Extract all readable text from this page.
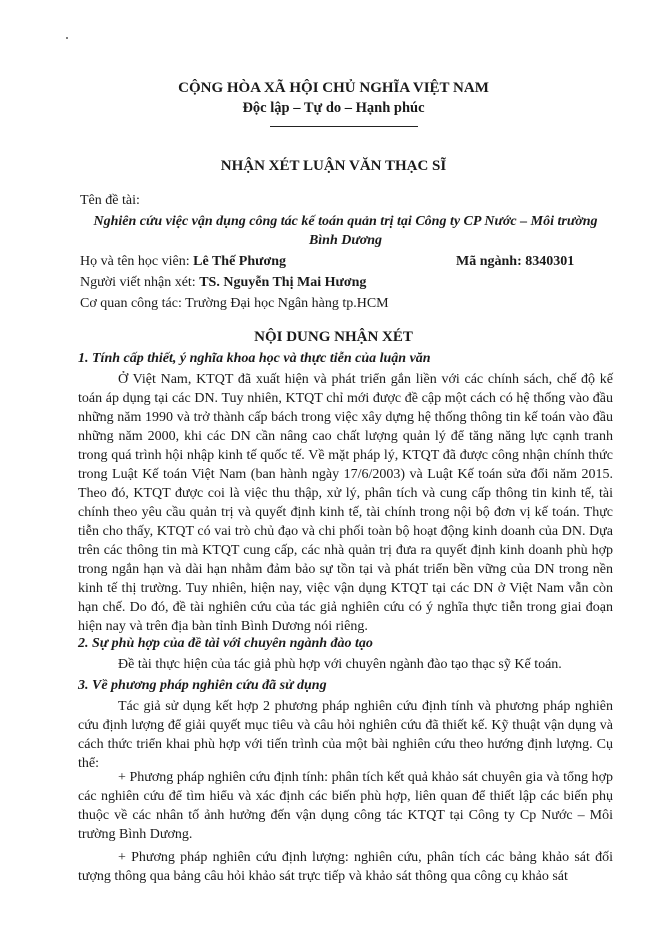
CỘNG HÒA XÃ HỘI CHỦ NGHĨA VIỆT NAM
Độc lập – Tự do – Hạnh phúc
NHẬN XÉT LUẬN VĂN THẠC SĨ
Tên đề tài:
Nghiên cứu việc vận dụng công tác kế toán quản trị tại Công ty CP Nước – Môi trường Bình Dương
Họ và tên học viên: Lê Thế Phương	Mã ngành: 8340301
Người viết nhận xét: TS. Nguyễn Thị Mai Hương
Cơ quan công tác: Trường Đại học Ngân hàng tp.HCM
NỘI DUNG NHẬN XÉT
1. Tính cấp thiết, ý nghĩa khoa học và thực tiễn của luận văn
Ở Việt Nam, KTQT đã xuất hiện và phát triển gắn liền với các chính sách, chế độ kế toán áp dụng tại các DN. Tuy nhiên, KTQT chỉ mới được đề cập một cách có hệ thống vào đầu những năm 1990 và trở thành cấp bách trong việc xây dựng hệ thống thông tin kế toán vào đầu những năm 2000, khi các DN cần nâng cao chất lượng quản lý để tăng năng lực cạnh tranh trong quá trình hội nhập kinh tế quốc tế. Về mặt pháp lý, KTQT đã được công nhận chính thức trong Luật Kế toán Việt Nam (ban hành ngày 17/6/2003) và Luật Kế toán sửa đổi năm 2015. Theo đó, KTQT được coi là việc thu thập, xử lý, phân tích và cung cấp thông tin kinh tế, tài chính theo yêu cầu quản trị và quyết định kinh tế, tài chính trong nội bộ đơn vị kế toán. Thực tiễn cho thấy, KTQT có vai trò chủ đạo và chi phối toàn bộ hoạt động kinh doanh của DN. Dựa trên các thông tin mà KTQT cung cấp, các nhà quản trị đưa ra quyết định kinh doanh phù hợp trong ngắn hạn và dài hạn nhằm đảm bảo sự tồn tại và phát triển bền vững của DN trong nền kinh tế thị trường. Tuy nhiên, hiện nay, việc vận dụng KTQT tại các DN ở Việt Nam vẫn còn hạn chế. Do đó, đề tài nghiên cứu của tác giả nghiên cứu có ý nghĩa thực tiễn trong giai đoạn hiện nay và trên địa bàn tỉnh Bình Dương nói riêng.
2. Sự phù hợp của đề tài với chuyên ngành đào tạo
Đề tài thực hiện của tác giả phù hợp với chuyên ngành đào tạo thạc sỹ Kế toán.
3. Về phương pháp nghiên cứu đã sử dụng
Tác giả sử dụng kết hợp 2 phương pháp nghiên cứu định tính và phương pháp nghiên cứu định lượng để giải quyết mục tiêu và câu hỏi nghiên cứu đã thiết kế. Kỹ thuật vận dụng và cách thức triển khai phù hợp với tiến trình của một bài nghiên cứu theo hướng định lượng. Cụ thể:
+ Phương pháp nghiên cứu định tính: phân tích kết quả khảo sát chuyên gia và tổng hợp các nghiên cứu để tìm hiểu và xác định các biến phù hợp, liên quan để thiết lập các biến phụ thuộc về các nhân tố ảnh hưởng đến vận dụng công tác KTQT tại Công ty Cp Nước – Môi trường Bình Dương.
+ Phương pháp nghiên cứu định lượng: nghiên cứu, phân tích các bảng khảo sát đối tượng thông qua bảng câu hỏi khảo sát trực tiếp và khảo sát thông qua công cụ khảo sát
